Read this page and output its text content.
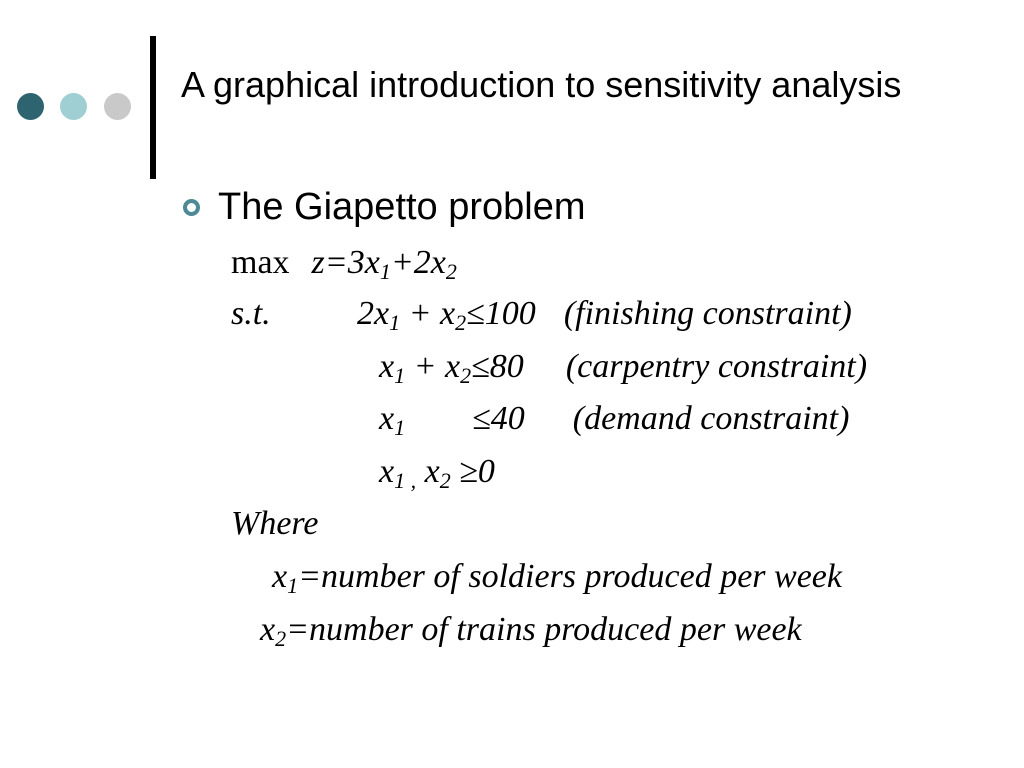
A graphical introduction to sensitivity analysis
The Giapetto problem
$\max z=3x_1+2x_2$
s.t.	$2x_1 + x_2\le 100$ (finishing constraint)
$x_1 + x_2\le 80$ (carpentry constraint)
$x_1 \le 40$ (demand constraint)
$x_{1 ,}$ $x_2 \ge 0$
Where
$x_1=number$ of soldiers produced per week
$x_2=number$ of trains produced per week
